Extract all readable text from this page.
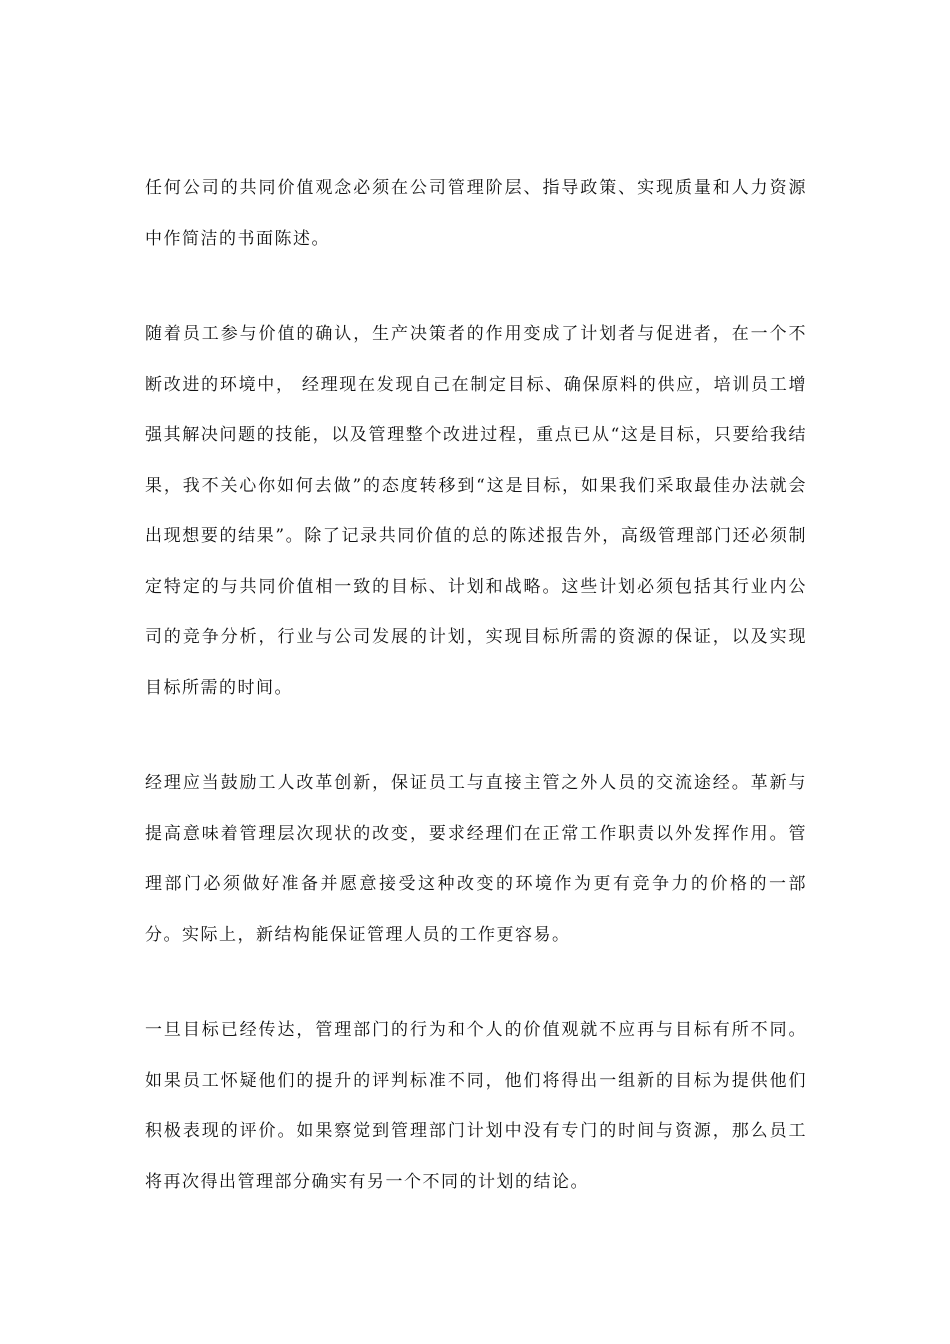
任何公司的共同价值观念必须在公司管理阶层、指导政策、实现质量和人力资源中作简洁的书面陈述。

随着员工参与价值的确认，生产决策者的作用变成了计划者与促进者，在一个不断改进的环境中， 经理现在发现自己在制定目标、确保原料的供应，培训员工增强其解决问题的技能，以及管理整个改进过程，重点已从“这是目标，只要给我结果，我不关心你如何去做”的态度转移到“这是目标，如果我们采取最佳办法就会出现想要的结果”。除了记录共同价值的总的陈述报告外，高级管理部门还必须制定特定的与共同价值相一致的目标、计划和战略。这些计划必须包括其行业内公司的竞争分析，行业与公司发展的计划，实现目标所需的资源的保证，以及实现目标所需的时间。

经理应当鼓励工人改革创新，保证员工与直接主管之外人员的交流途经。革新与提高意味着管理层次现状的改变，要求经理们在正常工作职责以外发挥作用。管理部门必须做好准备并愿意接受这种改变的环境作为更有竞争力的价格的一部分。实际上，新结构能保证管理人员的工作更容易。

一旦目标已经传达，管理部门的行为和个人的价值观就不应再与目标有所不同。如果员工怀疑他们的提升的评判标准不同，他们将得出一组新的目标为提供他们积极表现的评价。如果察觉到管理部门计划中没有专门的时间与资源，那么员工将再次得出管理部分确实有另一个不同的计划的结论。
